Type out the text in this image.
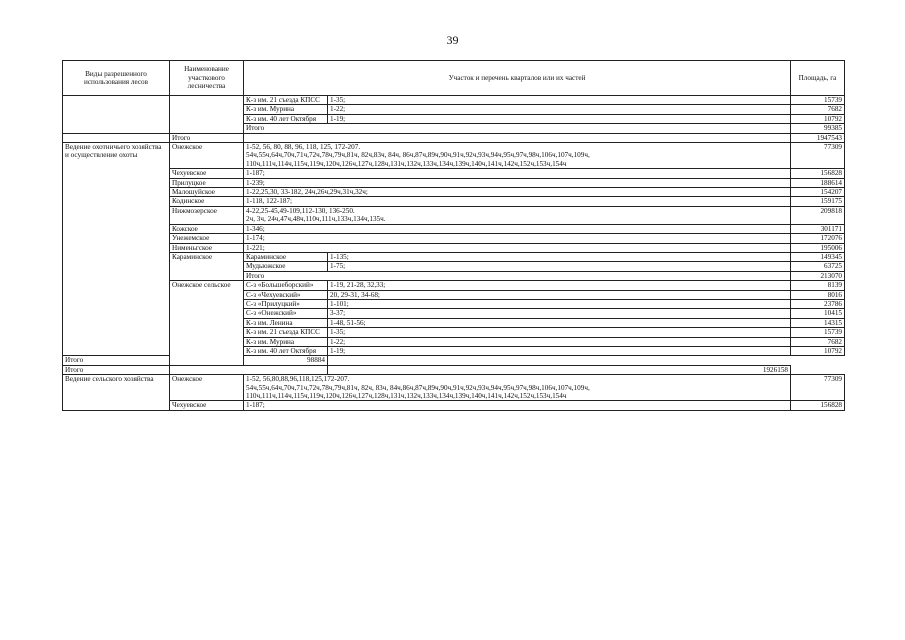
39
Виды разрешенного использования лесов	Наименование участкового лесничества	Участок и перечень кварталов или их частей		Площадь, га
		К-з им. 21 съезда КПСС	1-35;	15739
		К-з им. Мурина	1-22;	7682
		К-з им. 40 лет Октября	1-19;	10792
		Итого		99385
	Итого			1947543
Ведение охотничьего хозяйства и осуществление охоты	Онежское	1-52, 56, 80, 88, 96, 118, 125, 172-207.
54ч,55ч,64ч,70ч,71ч,72ч,78ч,79ч,81ч, 82ч,83ч, 84ч, 86ч,87ч,89ч,90ч,91ч,92ч,93ч,94ч,95ч,97ч,98ч,106ч,107ч,109ч,
110ч,111ч,114ч,115ч,119ч,120ч,126ч,127ч,128ч,131ч,132ч,133ч,134ч,139ч,140ч,141ч,142ч,152ч,153ч,154ч		77309
	Чехуевское	1-187;		156828
	Прилуцкое	1-239;		188614
	Малошуйское	1-22,25,30, 33-182, 24ч,26ч,29ч,31ч,32ч;		154207
	Кодинское	1-118, 122-187;		159175
	Нижмозерское	4-22,25-45,49-109,112-130, 136-250.
2ч, 3ч, 24ч,47ч,48ч,110ч,111ч,133ч,134ч,135ч.		209818
	Кожское	1-346;		301171
	Унежемское	1-174;		172076
	Нименьгское	1-221;		195006
	Караминское	Караминское	1-135;	149345
		Мудьюжское	1-75;	63725
		Итого		213070
	Онежское сельское	С-з «Большеборский»	1-19, 21-28, 32,33;	8139
		С-з «Чехуевский»	20, 29-31, 34-68;	8016
		С-з «Прилуцкий»	1-101;	23786
		С-з «Онежский»	3-37;	10415
		К-з им. Ленина	1-48, 51-56;	14315
		К-з им. 21 съезда КПСС	1-35;	15739
		К-з им. Мурина	1-22;	7682
		К-з им. 40 лет Октября	1-19;	10792
Итого		98884		
Итого			1926158	
Ведение сельского хозяйства	Онежское	1-52, 56,80,88,96,118,125,172-207.
54ч,55ч,64ч,70ч,71ч,72ч,78ч,79ч,81ч, 82ч, 83ч, 84ч,86ч,87ч,89ч,90ч,91ч,92ч,93ч,94ч,95ч,97ч,98ч,106ч,107ч,109ч,
110ч,111ч,114ч,115ч,119ч,120ч,126ч,127ч,128ч,131ч,132ч,133ч,134ч,139ч,140ч,141ч,142ч,152ч,153ч,154ч		77309
	Чехуевское	1-187;		156828
